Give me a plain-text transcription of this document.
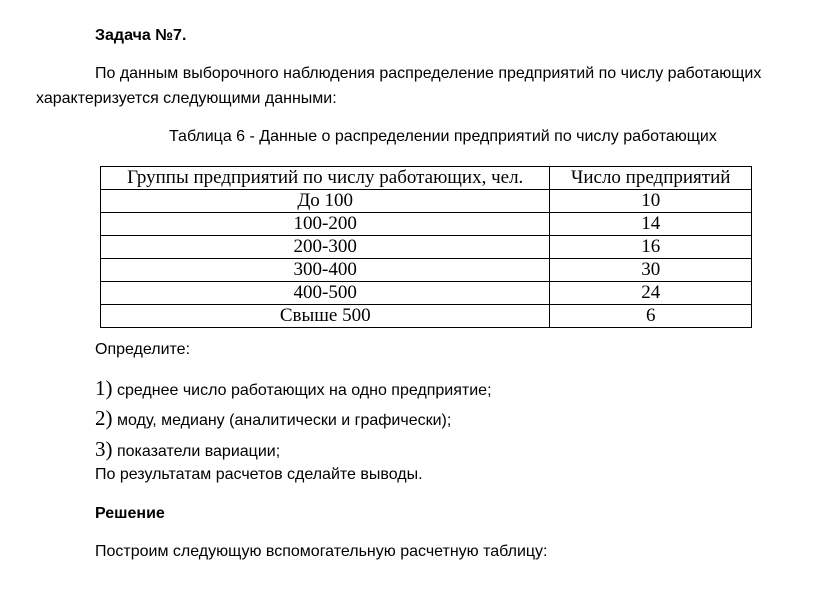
Задача №7.
По данным выборочного наблюдения распределение предприятий по числу работающих
характеризуется следующими данными:
Таблица 6 - Данные о распределении предприятий по числу работающих
Группы предприятий по числу работающих, чел.	Число предприятий
До 100	10
100-200	14
200-300	16
300-400	30
400-500	24
Свыше 500	6
Определите:
1) среднее число работающих на одно предприятие;
2) моду, медиану (аналитически и графически);
3) показатели вариации;
По результатам расчетов сделайте выводы.
Решение
Построим следующую вспомогательную расчетную таблицу:
